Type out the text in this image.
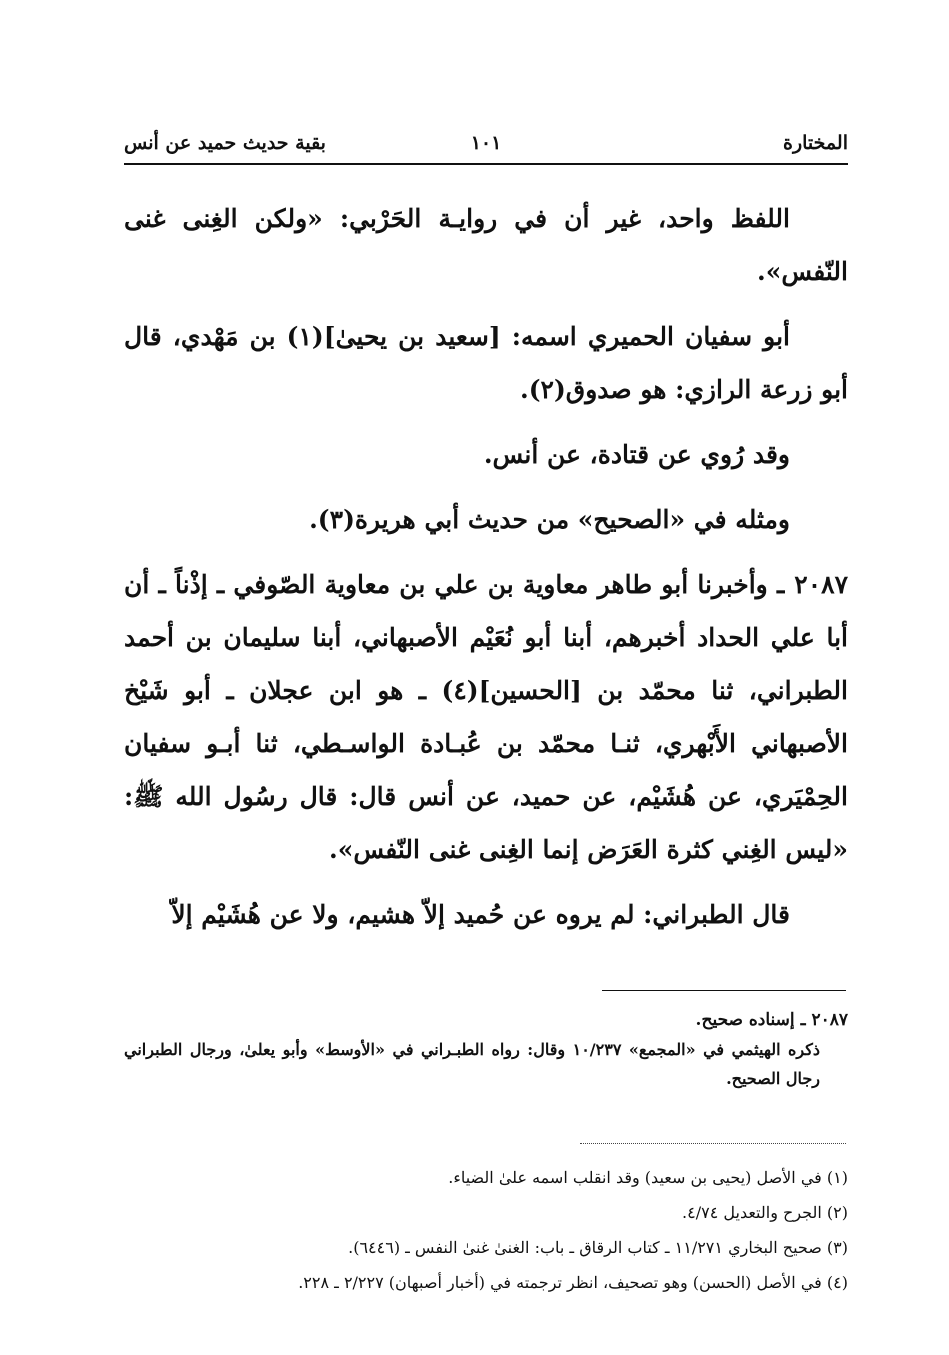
المختارة
١٠١
بقية حديث حميد عن أنس

اللفظ واحد، غير أن في روايـة الحَرْبي: «ولكن الغِنى غنى النّفس».

أبو سفيان الحميري اسمه: [سعيد بن يحيىٰ](١) بن مَهْدي، قال أبو زرعة الرازي: هو صدوق(٢).

وقد رُوي عن قتادة، عن أنس.

ومثله في «الصحيح» من حديث أبي هريرة(٣).

٢٠٨٧ـ وأخبرنا أبو طاهر معاوية بن علي بن معاوية الصّوفي ـ إذْناً ـ أن أبا علي الحداد أخبرهم، أبنا أبو نُعَيْم الأصبهاني، أبنا سليمان بن أحمد الطبراني، ثنا محمّد بن [الحسين](٤) ـ هو ابن عجلان ـ أبو شَيْخ الأصبهاني الأَبْهري، ثنـا محمّد بن عُبـادة الواسـطي، ثنا أبـو سفيان الحِمْيَري، عن هُشَيْم، عن حميد، عن أنس قال: قال رسُول الله ﷺ: «ليس الغِني كثرة العَرَض إنما الغِنى غنى النّفس».

قال الطبراني: لم يروه عن حُميد إلاّ هشيم، ولا عن هُشَيْم إلاّ

٢٠٨٧ ـ إسناده صحيح.

ذكره الهيثمي في «المجمع» ١٠/٢٣٧ وقال: رواه الطبـراني في «الأوسط» وأبو يعلىٰ، ورجال الطبراني رجال الصحيح.

(١) في الأصل (يحيى بن سعيد) وقد انقلب اسمه علىٰ الضياء.

(٢) الجرح والتعديل ٤/٧٤.

(٣) صحيح البخاري ١١/٢٧١ ـ كتاب الرقاق ـ باب: الغنىٰ غنىٰ النفس ـ (٦٤٤٦).

(٤) في الأصل (الحسن) وهو تصحيف، انظر ترجمته في (أخبار أصبهان) ٢/٢٢٧ ـ ٢٢٨.
